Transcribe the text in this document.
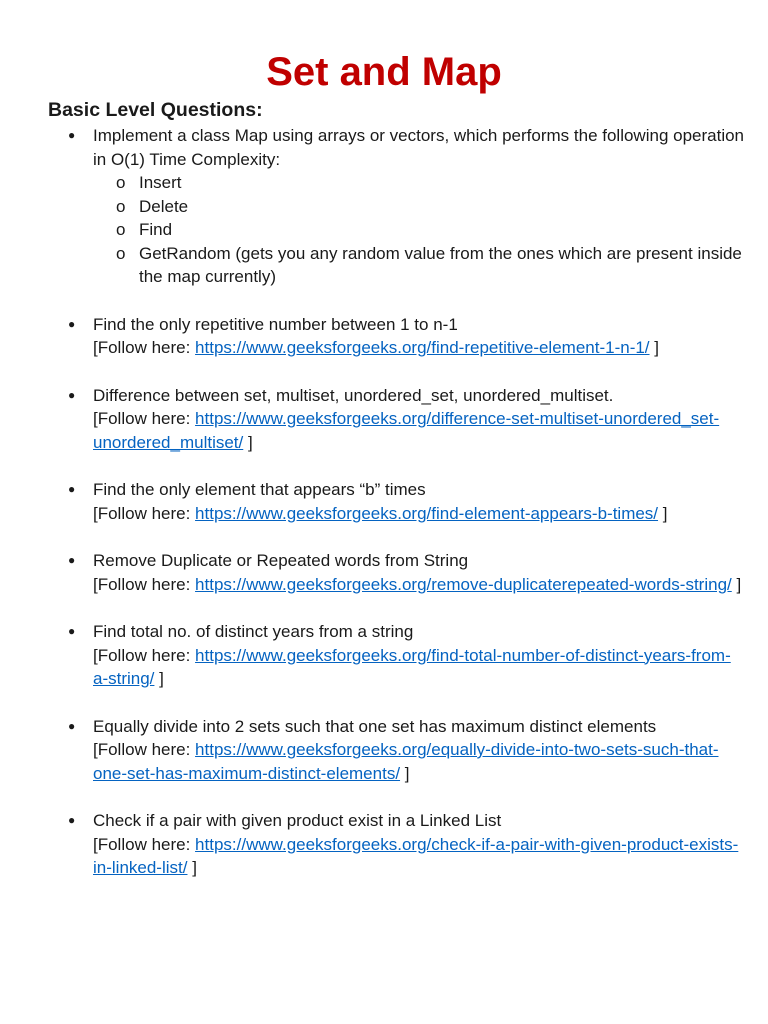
Set and Map
Basic Level Questions:
● Implement a class Map using arrays or vectors, which performs the following operation in O(1) Time Complexity:
o Insert
o Delete
o Find
o GetRandom (gets you any random value from the ones which are present inside the map currently)
● Find the only repetitive number between 1 to n-1
[Follow here: https://www.geeksforgeeks.org/find-repetitive-element-1-n-1/ ]
● Difference between set, multiset, unordered_set, unordered_multiset.
[Follow here: https://www.geeksforgeeks.org/difference-set-multiset-unordered_set-unordered_multiset/ ]
● Find the only element that appears “b” times
[Follow here: https://www.geeksforgeeks.org/find-element-appears-b-times/ ]
● Remove Duplicate or Repeated words from String
[Follow here: https://www.geeksforgeeks.org/remove-duplicaterepeated-words-string/ ]
● Find total no. of distinct years from a string
[Follow here: https://www.geeksforgeeks.org/find-total-number-of-distinct-years-from-a-string/ ]
● Equally divide into 2 sets such that one set has maximum distinct elements
[Follow here: https://www.geeksforgeeks.org/equally-divide-into-two-sets-such-that-one-set-has-maximum-distinct-elements/ ]
● Check if a pair with given product exist in a Linked List
[Follow here: https://www.geeksforgeeks.org/check-if-a-pair-with-given-product-exists-in-linked-list/ ]
